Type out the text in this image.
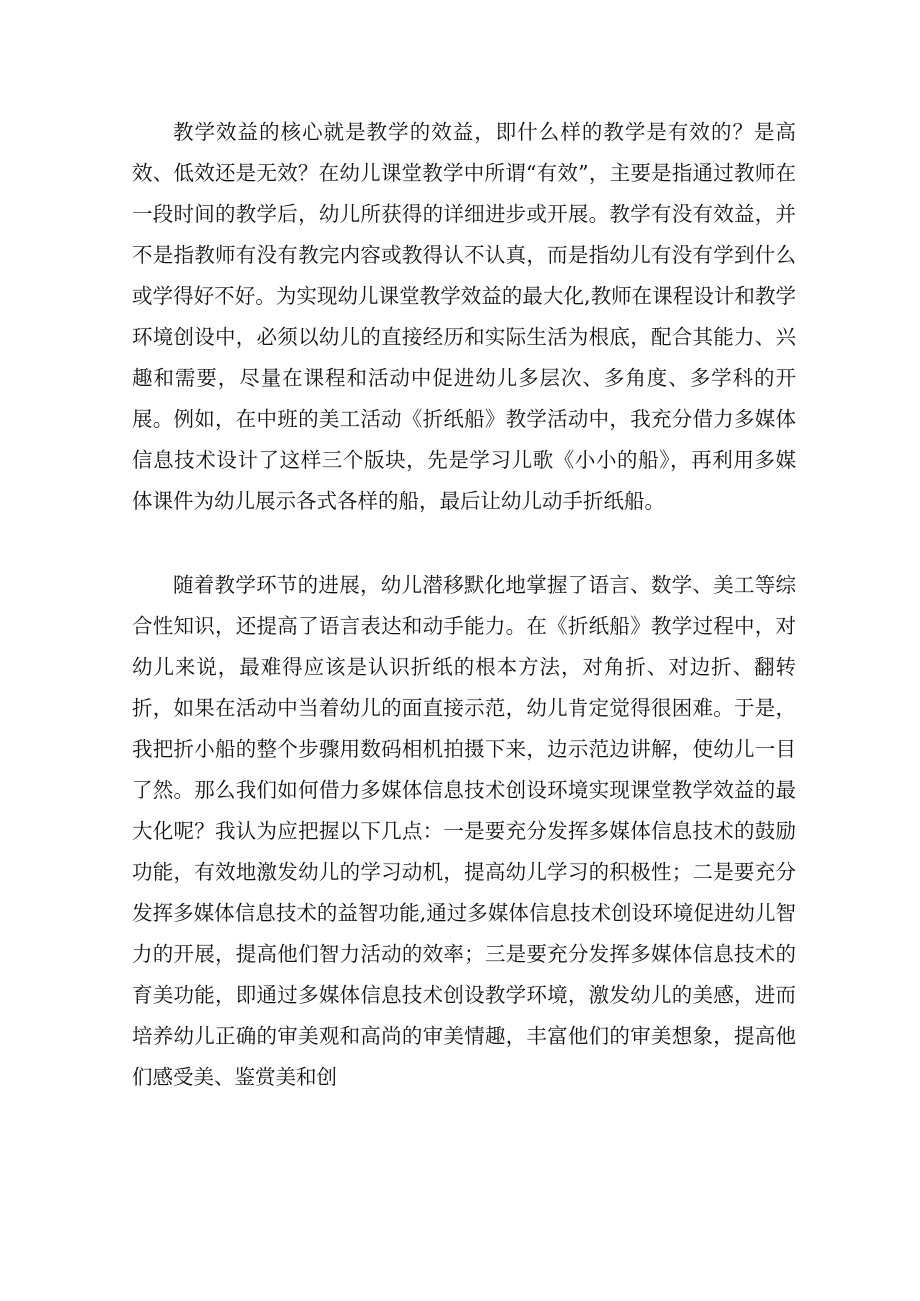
教学效益的核心就是教学的效益，即什么样的教学是有效的？是高效、低效还是无效？在幼儿课堂教学中所谓“有效”，主要是指通过教师在一段时间的教学后，幼儿所获得的详细进步或开展。教学有没有效益，并不是指教师有没有教完内容或教得认不认真，而是指幼儿有没有学到什么或学得好不好。为实现幼儿课堂教学效益的最大化,教师在课程设计和教学环境创设中，必须以幼儿的直接经历和实际生活为根底，配合其能力、兴趣和需要，尽量在课程和活动中促进幼儿多层次、多角度、多学科的开展。例如，在中班的美工活动《折纸船》教学活动中，我充分借力多媒体信息技术设计了这样三个版块，先是学习儿歌《小小的船》，再利用多媒体课件为幼儿展示各式各样的船，最后让幼儿动手折纸船。

随着教学环节的进展，幼儿潜移默化地掌握了语言、数学、美工等综合性知识，还提高了语言表达和动手能力。在《折纸船》教学过程中，对幼儿来说，最难得应该是认识折纸的根本方法，对角折、对边折、翻转折，如果在活动中当着幼儿的面直接示范，幼儿肯定觉得很困难。于是，我把折小船的整个步骤用数码相机拍摄下来，边示范边讲解，使幼儿一目了然。那么我们如何借力多媒体信息技术创设环境实现课堂教学效益的最大化呢？我认为应把握以下几点：一是要充分发挥多媒体信息技术的鼓励功能，有效地激发幼儿的学习动机，提高幼儿学习的积极性；二是要充分发挥多媒体信息技术的益智功能,通过多媒体信息技术创设环境促进幼儿智力的开展，提高他们智力活动的效率；三是要充分发挥多媒体信息技术的育美功能，即通过多媒体信息技术创设教学环境，激发幼儿的美感，进而培养幼儿正确的审美观和高尚的审美情趣，丰富他们的审美想象，提高他们感受美、鉴赏美和创
